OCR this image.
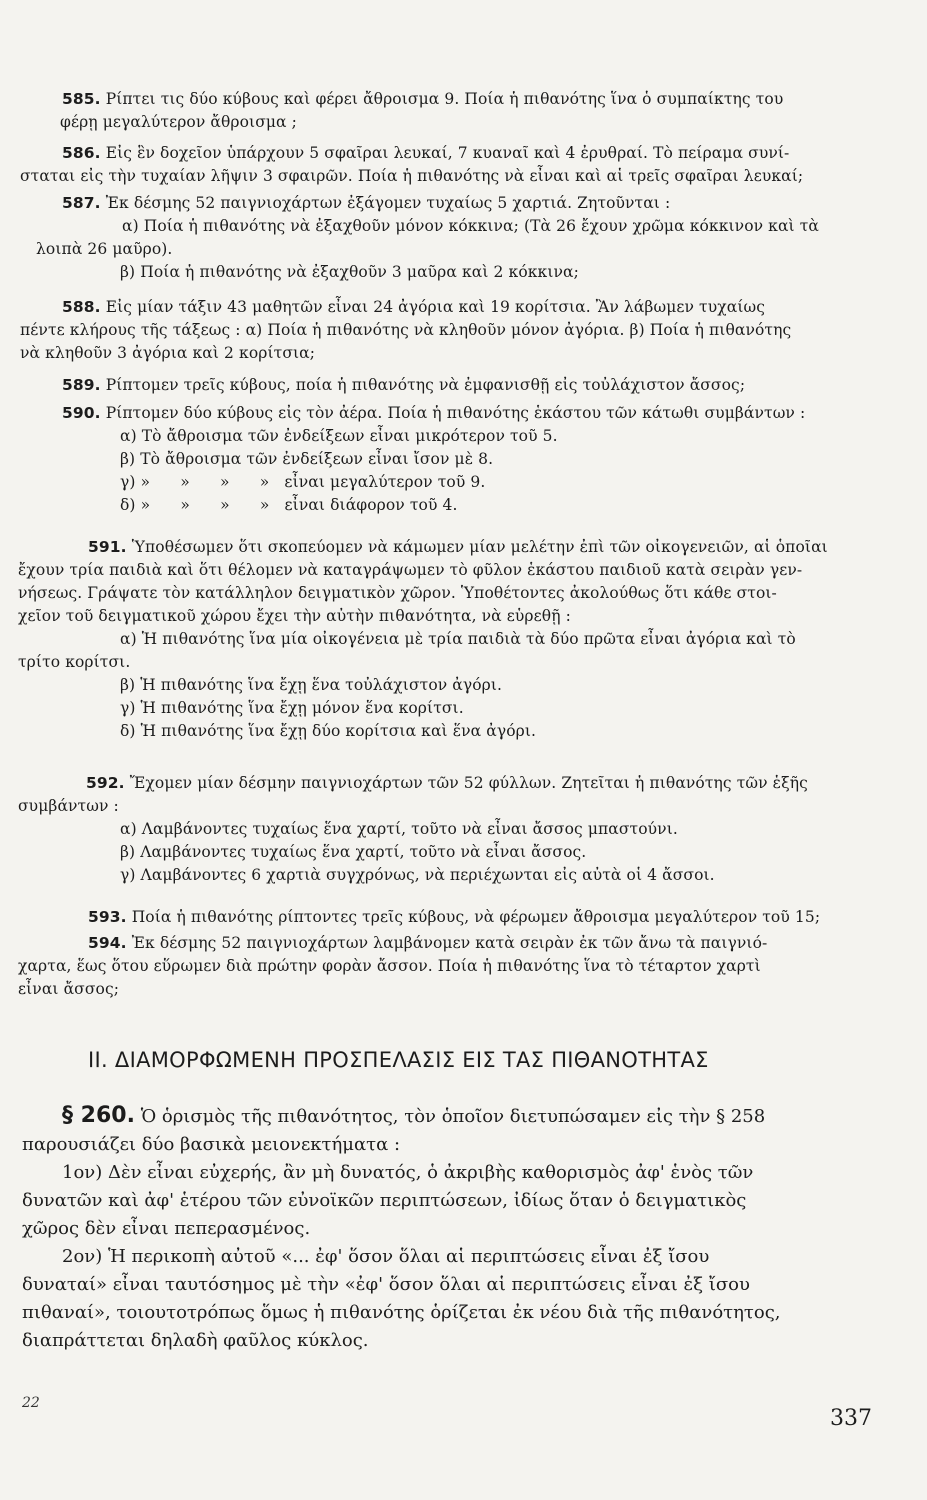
585. Ρίπτει τις δύο κύβους καὶ φέρει ἄθροισμα 9. Ποία ἡ πιθανότης ἵνα ὁ συμπαίκτης του
φέρῃ μεγαλύτερον ἄθροισμα ;
586. Εἰς ἓν δοχεῖον ὑπάρχουν 5 σφαῖραι λευκαί, 7 κυαναῖ καὶ 4 ἐρυθραί. Τὸ πείραμα συνί-
σταται εἰς τὴν τυχαίαν λῆψιν 3 σφαιρῶν. Ποία ἡ πιθανότης νὰ εἶναι καὶ αἱ τρεῖς σφαῖραι λευκαί;
587. Ἐκ δέσμης 52 παιγνιοχάρτων ἐξάγομεν τυχαίως 5 χαρτιά. Ζητοῦνται :
α) Ποία ἡ πιθανότης νὰ ἐξαχθοῦν μόνον κόκκινα; (Τὰ 26 ἔχουν χρῶμα κόκκινον καὶ τὰ
λοιπὰ 26 μαῦρο).
β) Ποία ἡ πιθανότης νὰ ἐξαχθοῦν 3 μαῦρα καὶ 2 κόκκινα;
588. Εἰς μίαν τάξιν 43 μαθητῶν εἶναι 24 ἀγόρια καὶ 19 κορίτσια. Ἂν λάβωμεν τυχαίως
πέντε κλήρους τῆς τάξεως : α) Ποία ἡ πιθανότης νὰ κληθοῦν μόνον ἀγόρια. β) Ποία ἡ πιθανότης
νὰ κληθοῦν 3 ἀγόρια καὶ 2 κορίτσια;
589. Ρίπτομεν τρεῖς κύβους, ποία ἡ πιθανότης νὰ ἐμφανισθῇ εἰς τοὐλάχιστον ἄσσος;
590. Ρίπτομεν δύο κύβους εἰς τὸν ἀέρα. Ποία ἡ πιθανότης ἑκάστου τῶν κάτωθι συμβάντων :
α) Τὸ ἄθροισμα τῶν ἐνδείξεων εἶναι μικρότερον τοῦ 5.
β) Τὸ ἄθροισμα τῶν ἐνδείξεων εἶναι ἴσον μὲ 8.
γ) »      »      »      »   εἶναι μεγαλύτερον τοῦ 9.
δ) »      »      »      »   εἶναι διάφορον τοῦ 4.
591. Ὑποθέσωμεν ὅτι σκοπεύομεν νὰ κάμωμεν μίαν μελέτην ἐπὶ τῶν οἰκογενειῶν, αἱ ὁποῖαι
ἔχουν τρία παιδιὰ καὶ ὅτι θέλομεν νὰ καταγράψωμεν τὸ φῦλον ἑκάστου παιδιοῦ κατὰ σειρὰν γεν-
νήσεως. Γράψατε τὸν κατάλληλον δειγματικὸν χῶρον. Ὑποθέτοντες ἀκολούθως ὅτι κάθε στοι-
χεῖον τοῦ δειγματικοῦ χώρου ἔχει τὴν αὐτὴν πιθανότητα, νὰ εὑρεθῇ :
α) Ἡ πιθανότης ἵνα μία οἰκογένεια μὲ τρία παιδιὰ τὰ δύο πρῶτα εἶναι ἀγόρια καὶ τὸ
τρίτο κορίτσι.
β) Ἡ πιθανότης ἵνα ἔχῃ ἕνα τοὐλάχιστον ἀγόρι.
γ) Ἡ πιθανότης ἵνα ἔχῃ μόνον ἕνα κορίτσι.
δ) Ἡ πιθανότης ἵνα ἔχῃ δύο κορίτσια καὶ ἕνα ἀγόρι.
592. Ἔχομεν μίαν δέσμην παιγνιοχάρτων τῶν 52 φύλλων. Ζητεῖται ἡ πιθανότης τῶν ἑξῆς
συμβάντων :
α) Λαμβάνοντες τυχαίως ἕνα χαρτί, τοῦτο νὰ εἶναι ἄσσος μπαστούνι.
β) Λαμβάνοντες τυχαίως ἕνα χαρτί, τοῦτο νὰ εἶναι ἄσσος.
γ) Λαμβάνοντες 6 χαρτιὰ συγχρόνως, νὰ περιέχωνται εἰς αὐτὰ οἱ 4 ἄσσοι.
593. Ποία ἡ πιθανότης ρίπτοντες τρεῖς κύβους, νὰ φέρωμεν ἄθροισμα μεγαλύτερον τοῦ 15;
594. Ἐκ δέσμης 52 παιγνιοχάρτων λαμβάνομεν κατὰ σειρὰν ἐκ τῶν ἄνω τὰ παιγνιό-
χαρτα, ἕως ὅτου εὕρωμεν διὰ πρώτην φορὰν ἄσσον. Ποία ἡ πιθανότης ἵνα τὸ τέταρτον χαρτὶ
εἶναι ἄσσος;
ΙΙ. ΔΙΑΜΟΡΦΩΜΕΝΗ ΠΡΟΣΠΕΛΑΣΙΣ ΕΙΣ ΤΑΣ ΠΙΘΑΝΟΤΗΤΑΣ
§ 260. Ὁ ὁρισμὸς τῆς πιθανότητος, τὸν ὁποῖον διετυπώσαμεν εἰς τὴν § 258
παρουσιάζει δύο βασικὰ μειονεκτήματα :
1ον) Δὲν εἶναι εὐχερής, ἂν μὴ δυνατός, ὁ ἀκριβὴς καθορισμὸς ἀφ' ἑνὸς τῶν
δυνατῶν καὶ ἀφ' ἑτέρου τῶν εὐνοϊκῶν περιπτώσεων, ἰδίως ὅταν ὁ δειγματικὸς
χῶρος δὲν εἶναι πεπερασμένος.
2ον) Ἡ περικοπὴ αὐτοῦ «... ἐφ' ὅσον ὅλαι αἱ περιπτώσεις εἶναι ἐξ ἴσου
δυναταί» εἶναι ταυτόσημος μὲ τὴν «ἐφ' ὅσον ὅλαι αἱ περιπτώσεις εἶναι ἐξ ἴσου
πιθαναί», τοιουτοτρόπως ὅμως ἡ πιθανότης ὁρίζεται ἐκ νέου διὰ τῆς πιθανότητος,
διαπράττεται δηλαδὴ φαῦλος κύκλος.
22
337
